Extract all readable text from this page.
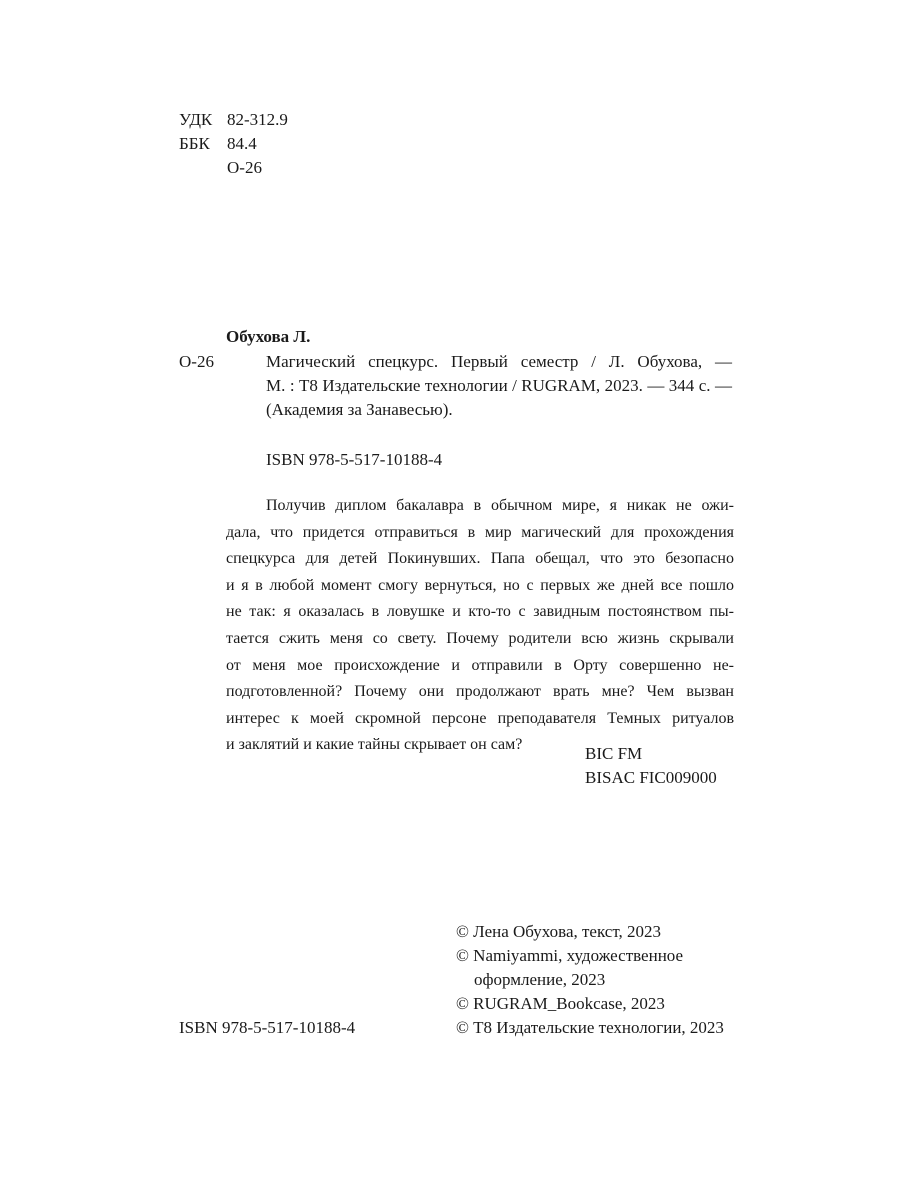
УДК 82-312.9
ББК	84.4
О-26
Обухова Л.
О-26	Магический спецкурс. Первый семестр / Л. Обухова, —
М. : Т8 Издательские технологии / RUGRAM, 2023. — 344 с. —
(Академия за Занавесью).
ISBN 978-5-517-10188-4
Получив диплом бакалавра в обычном мире, я никак не ожи-
дала, что придется отправиться в мир магический для прохождения
спецкурса для детей Покинувших. Папа обещал, что это безопасно
и я в любой момент смогу вернуться, но с первых же дней все пошло
не так: я оказалась в ловушке и кто-то с завидным постоянством пы-
тается сжить меня со свету. Почему родители всю жизнь скрывали
от меня мое происхождение и отправили в Орту совершенно не-
подготовленной? Почему они продолжают врать мне? Чем вызван
интерес к моей скромной персоне преподавателя Темных ритуалов
и заклятий и какие тайны скрывает он сам?	BIC FM
BISAC FIC009000
© Лена Обухова, текст, 2023
© Namiyammi, художественное
оформление, 2023
© RUGRAM_Bookcase, 2023
© Т8 Издательские технологии, 2023
ISBN 978-5-517-10188-4
